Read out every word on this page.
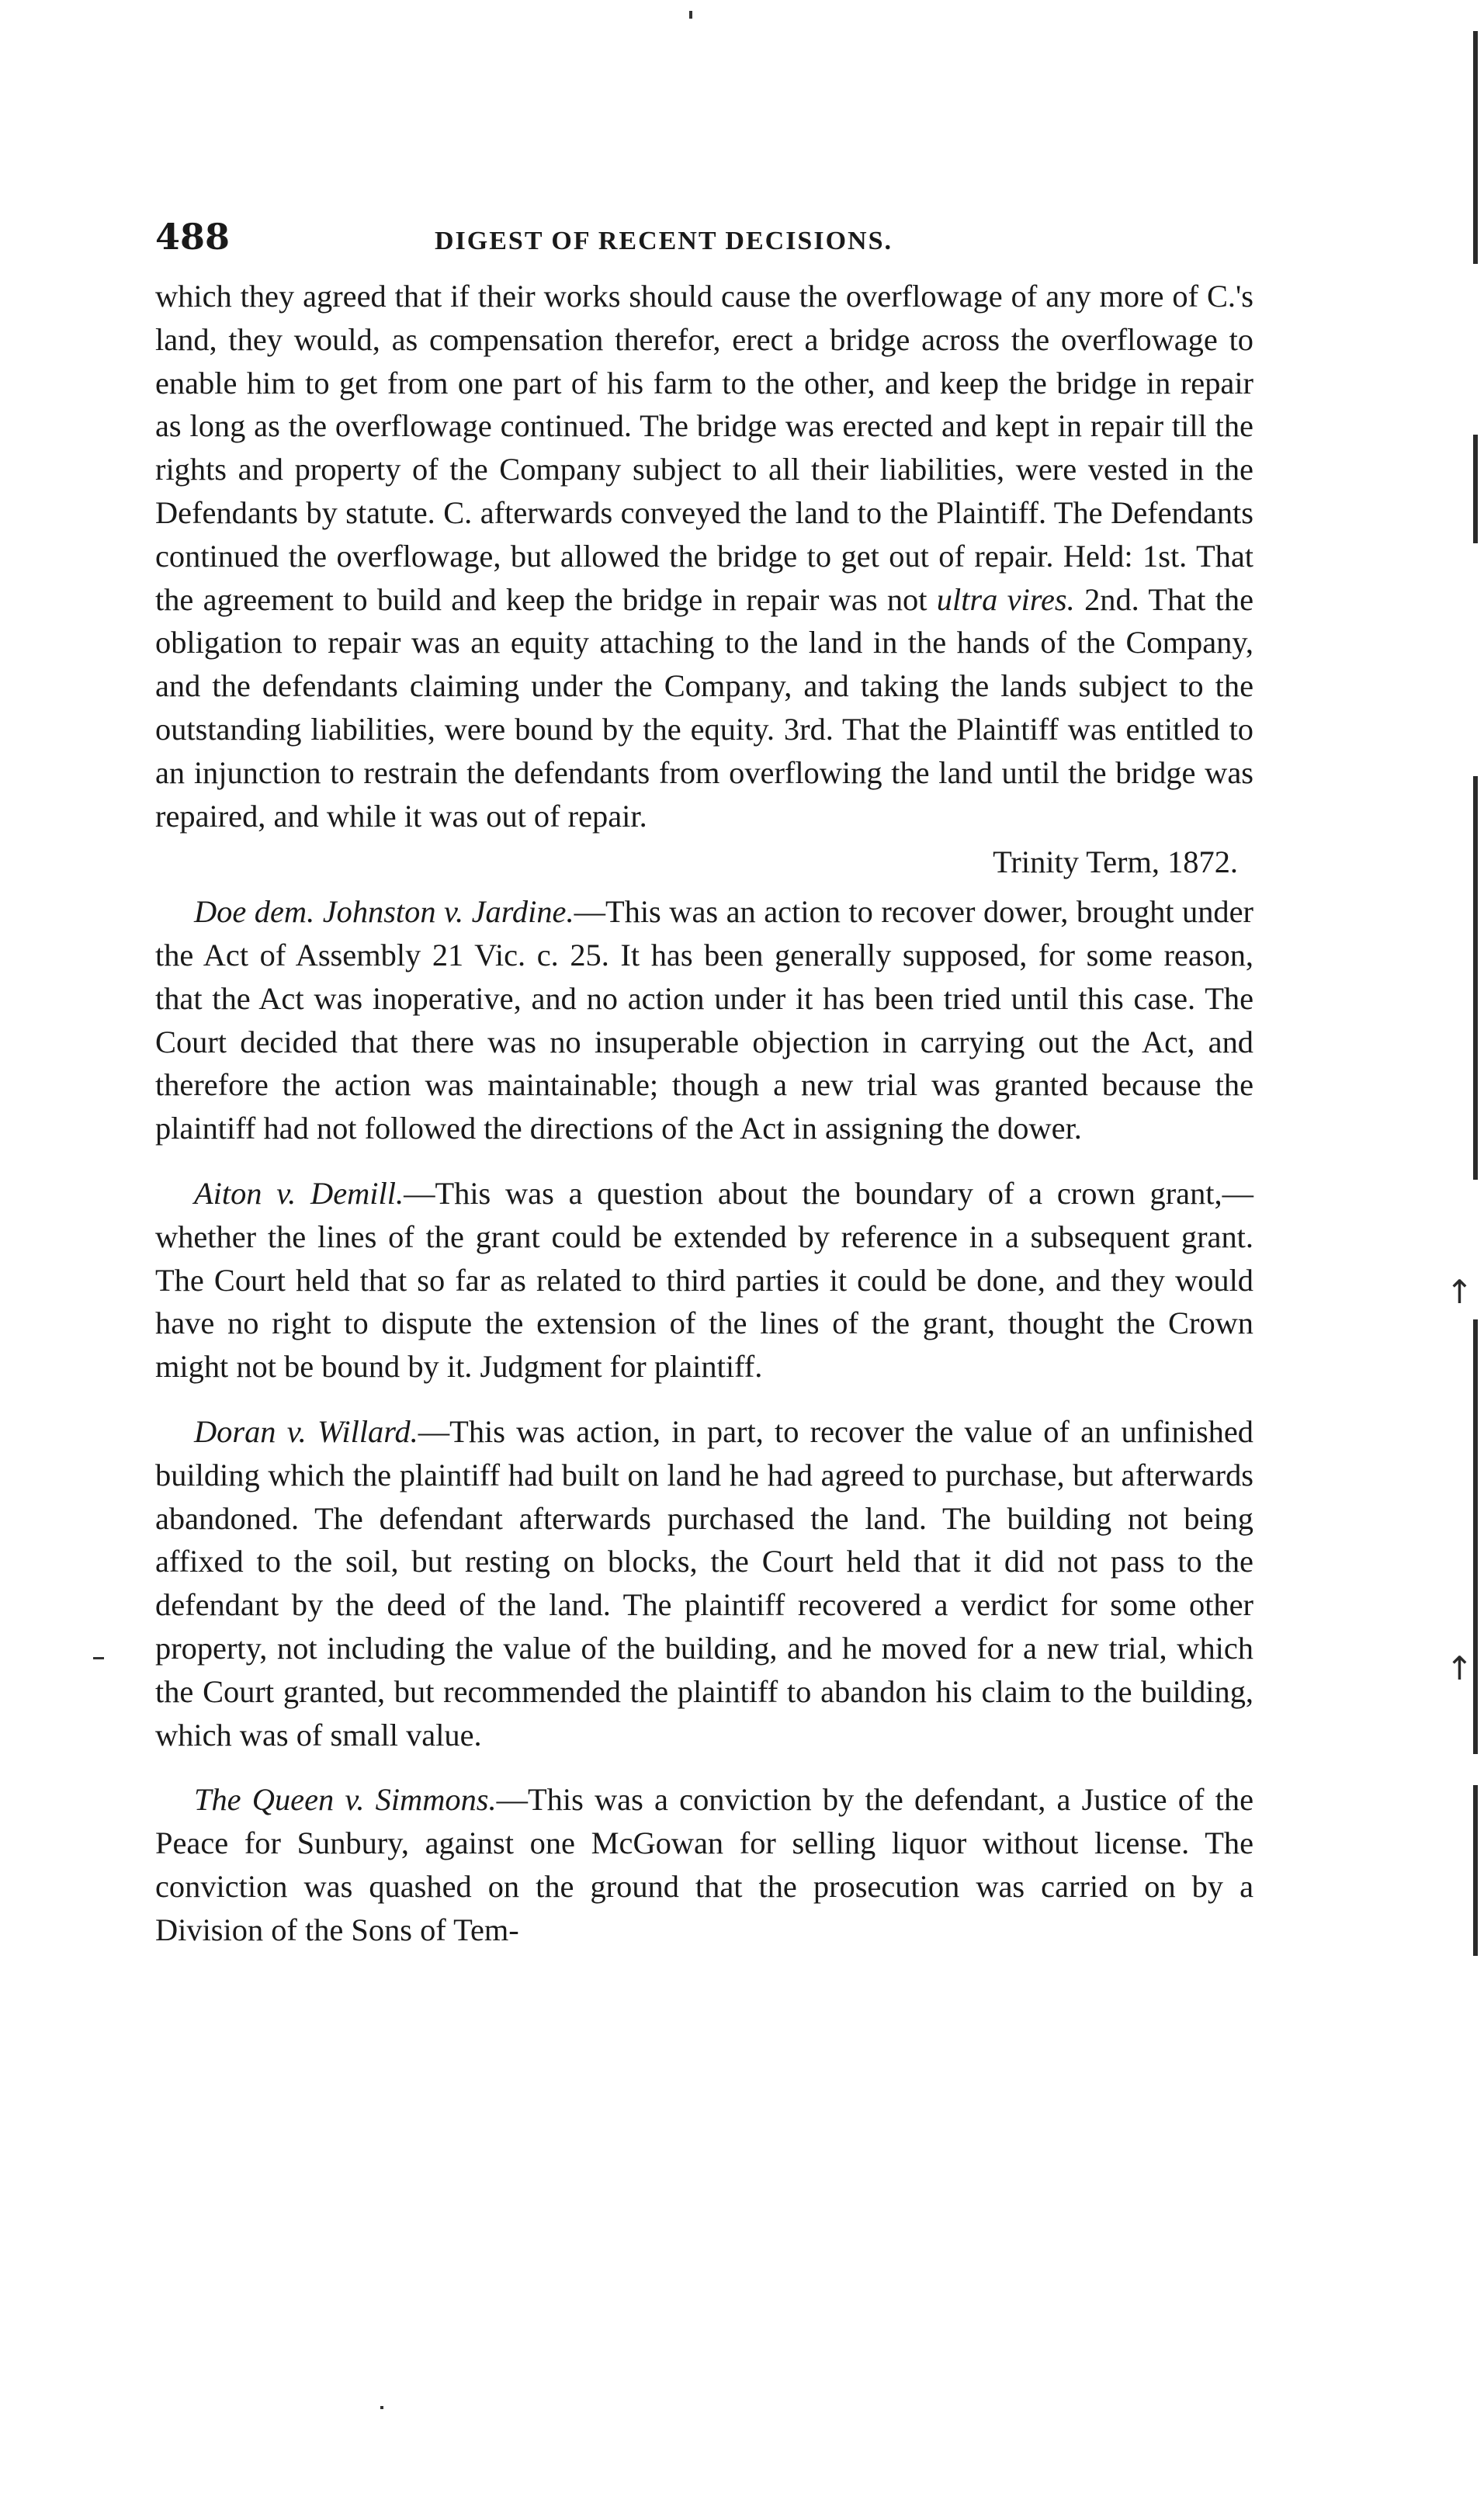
↑
↑
488	DIGEST OF RECENT DECISIONS.

which they agreed that if their works should cause the overflowage of any more of C.'s land, they would, as compensation therefor, erect a bridge across the overflowage to enable him to get from one part of his farm to the other, and keep the bridge in repair as long as the overflowage continued. The bridge was erected and kept in repair till the rights and property of the Company subject to all their liabilities, were vested in the Defendants by statute. C. afterwards conveyed the land to the Plaintiff. The Defendants continued the overflowage, but allowed the bridge to get out of repair. Held: 1st. That the agreement to build and keep the bridge in repair was not ultra vires. 2nd. That the obligation to repair was an equity attaching to the land in the hands of the Company, and the defendants claiming under the Company, and taking the lands subject to the outstanding liabilities, were bound by the equity. 3rd. That the Plaintiff was entitled to an injunction to restrain the defendants from overflowing the land until the bridge was repaired, and while it was out of repair.

Trinity Term, 1872.

Doe dem. Johnston v. Jardine.—This was an action to recover dower, brought under the Act of Assembly 21 Vic. c. 25. It has been generally supposed, for some reason, that the Act was inoperative, and no action under it has been tried until this case. The Court decided that there was no insuperable objection in carrying out the Act, and therefore the action was maintainable; though a new trial was granted because the plaintiff had not followed the directions of the Act in assigning the dower.

Aiton v. Demill.—This was a question about the boundary of a crown grant,—whether the lines of the grant could be extended by reference in a subsequent grant. The Court held that so far as related to third parties it could be done, and they would have no right to dispute the extension of the lines of the grant, thought the Crown might not be bound by it. Judgment for plaintiff.

Doran v. Willard.—This was action, in part, to recover the value of an unfinished building which the plaintiff had built on land he had agreed to purchase, but afterwards abandoned. The defendant afterwards purchased the land. The building not being affixed to the soil, but resting on blocks, the Court held that it did not pass to the defendant by the deed of the land. The plaintiff recovered a verdict for some other property, not including the value of the building, and he moved for a new trial, which the Court granted, but recommended the plaintiff to abandon his claim to the building, which was of small value.

The Queen v. Simmons.—This was a conviction by the defendant, a Justice of the Peace for Sunbury, against one McGowan for selling liquor without license. The conviction was quashed on the ground that the prosecution was carried on by a Division of the Sons of Tem-
